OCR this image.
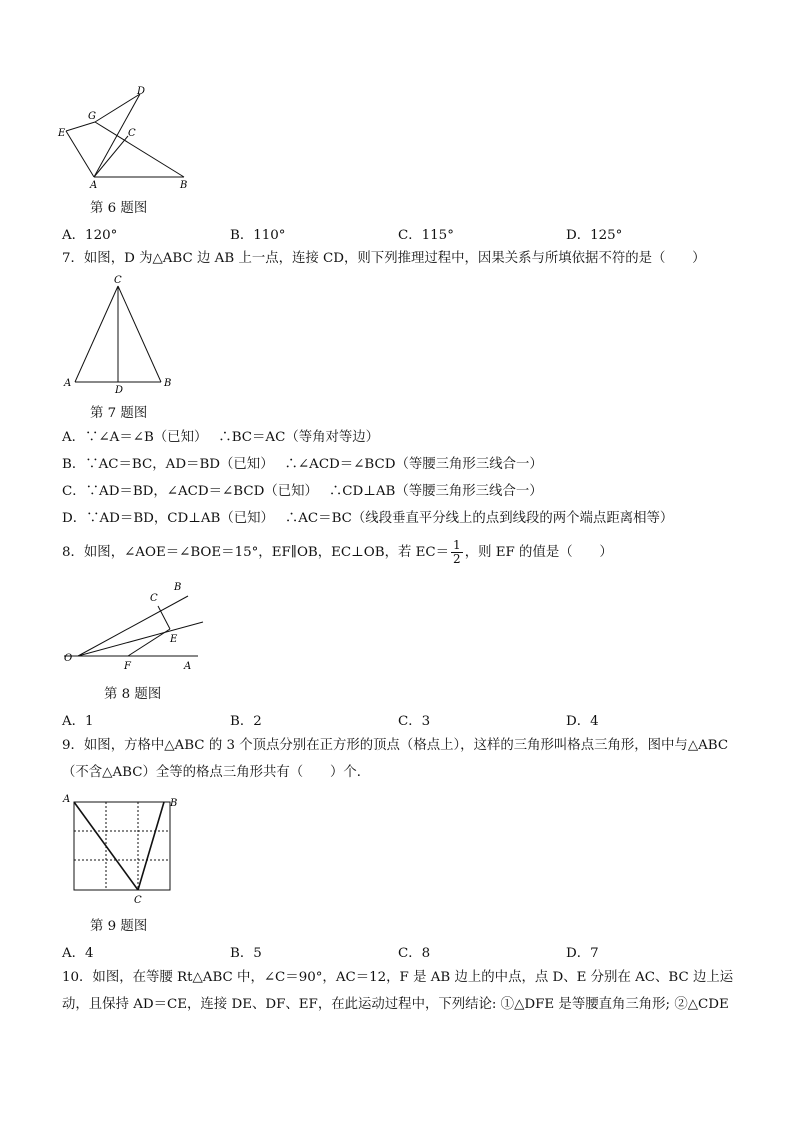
D
G
E	C
A	B
第 6 题图
A．120°	B．110°	C．115°	D．125°
7．如图，D 为△ABC 边 AB 上一点，连接 CD，则下列推理过程中，因果关系与所填依据不符的是（　　）
C
A
D
B
第 7 题图
A．∵∠A＝∠B（已知）　 ∴BC＝AC（等角对等边）
B．∵AC＝BC，AD＝BD（已知）　 ∴∠ACD＝∠BCD（等腰三角形三线合一）
C．∵AD＝BD，∠ACD＝∠BCD（已知）　 ∴CD⊥AB（等腰三角形三线合一）
D．∵AD＝BD，CD⊥AB（已知）　 ∴AC＝BC（线段垂直平分线上的点到线段的两个端点距离相等）
8．如图，∠AOE＝∠BOE＝15°，EF∥OB，EC⊥OB，若 $EC= \frac{1}{2}$ ，则 EF 的值是（　　）
B
C
E
O
F	A
第 8 题图
A．1	B．2	C．3	D．4
9．如图，方格中△ABC 的 3 个顶点分别在正方形的顶点（格点上），这样的三角形叫格点三角形，图中与△ABC
（不含△ABC）全等的格点三角形共有（　　）个．
A	B
C
第 9 题图
A．4	B．5	C．8	D．7
10．如图，在等腰 Rt△ABC 中，∠C＝90°，AC＝12，F 是 AB 边上的中点，点 D、E 分别在 AC、BC 边上运
动，且保持 AD＝CE，连接 DE、DF、EF，在此运动过程中，下列结论: ①△DFE 是等腰直角三角形; ②△CDE
